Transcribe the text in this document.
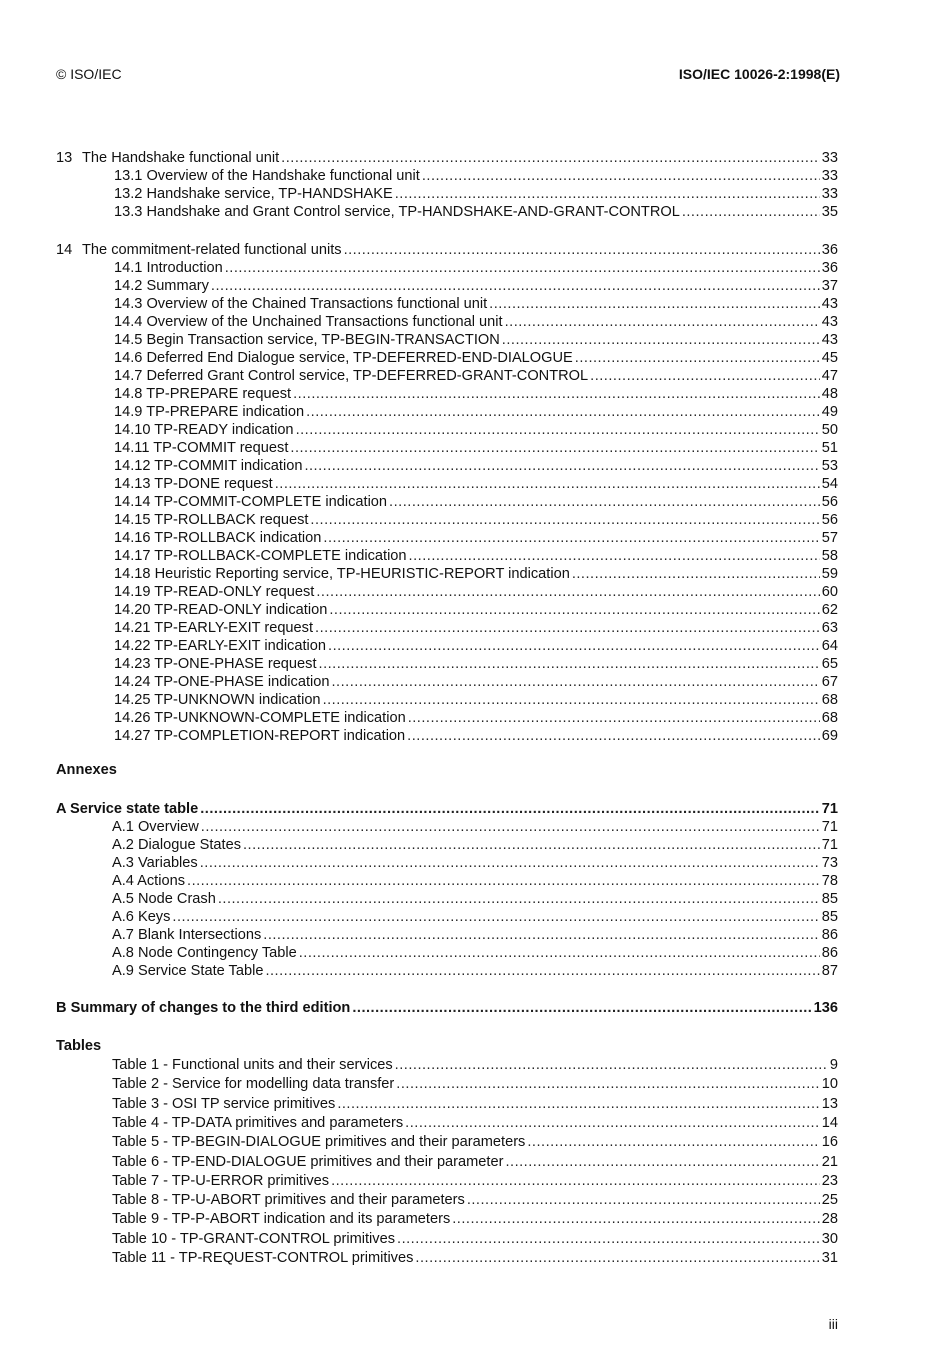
© ISO/IEC	ISO/IEC 10026-2:1998(E)
13 The Handshake functional unit .....	33
13.1 Overview of the Handshake functional unit .....	33
13.2 Handshake service, TP-HANDSHAKE .....	33
13.3 Handshake and Grant Control service, TP-HANDSHAKE-AND-GRANT-CONTROL .....	35
14 The commitment-related functional units .....	36
14.1 Introduction .....	36
14.2 Summary .....	37
14.3 Overview of the Chained Transactions functional unit .....	43
14.4 Overview of the Unchained Transactions functional unit .....	43
14.5 Begin Transaction service, TP-BEGIN-TRANSACTION .....	43
14.6 Deferred End Dialogue service, TP-DEFERRED-END-DIALOGUE .....	45
14.7 Deferred Grant Control service, TP-DEFERRED-GRANT-CONTROL .....	47
14.8 TP-PREPARE request .....	48
14.9 TP-PREPARE indication .....	49
14.10 TP-READY indication .....	50
14.11 TP-COMMIT request .....	51
14.12 TP-COMMIT indication .....	53
14.13 TP-DONE request .....	54
14.14 TP-COMMIT-COMPLETE indication .....	56
14.15 TP-ROLLBACK request .....	56
14.16 TP-ROLLBACK indication .....	57
14.17 TP-ROLLBACK-COMPLETE indication .....	58
14.18 Heuristic Reporting service, TP-HEURISTIC-REPORT indication .....	59
14.19 TP-READ-ONLY request .....	60
14.20 TP-READ-ONLY indication .....	62
14.21 TP-EARLY-EXIT request .....	63
14.22 TP-EARLY-EXIT indication .....	64
14.23 TP-ONE-PHASE request .....	65
14.24 TP-ONE-PHASE indication .....	67
14.25 TP-UNKNOWN indication .....	68
14.26 TP-UNKNOWN-COMPLETE indication .....	68
14.27 TP-COMPLETION-REPORT indication .....	69
Annexes
A Service state table .....	71
A.1 Overview .....	71
A.2 Dialogue States .....	71
A.3 Variables .....	73
A.4 Actions .....	78
A.5 Node Crash .....	85
A.6 Keys .....	85
A.7 Blank Intersections .....	86
A.8 Node Contingency Table .....	86
A.9 Service State Table .....	87
B Summary of changes to the third edition .....	136
Tables
Table 1 - Functional units and their services .....	9
Table 2 - Service for modelling data transfer .....	10
Table 3 - OSI TP service primitives .....	13
Table 4 - TP-DATA primitives and parameters .....	14
Table 5 - TP-BEGIN-DIALOGUE primitives and their parameters .....	16
Table 6 - TP-END-DIALOGUE primitives and their parameter .....	21
Table 7 - TP-U-ERROR primitives .....	23
Table 8 - TP-U-ABORT primitives and their parameters .....	25
Table 9 - TP-P-ABORT indication and its parameters .....	28
Table 10 - TP-GRANT-CONTROL primitives .....	30
Table 11 - TP-REQUEST-CONTROL primitives .....	31
iii
